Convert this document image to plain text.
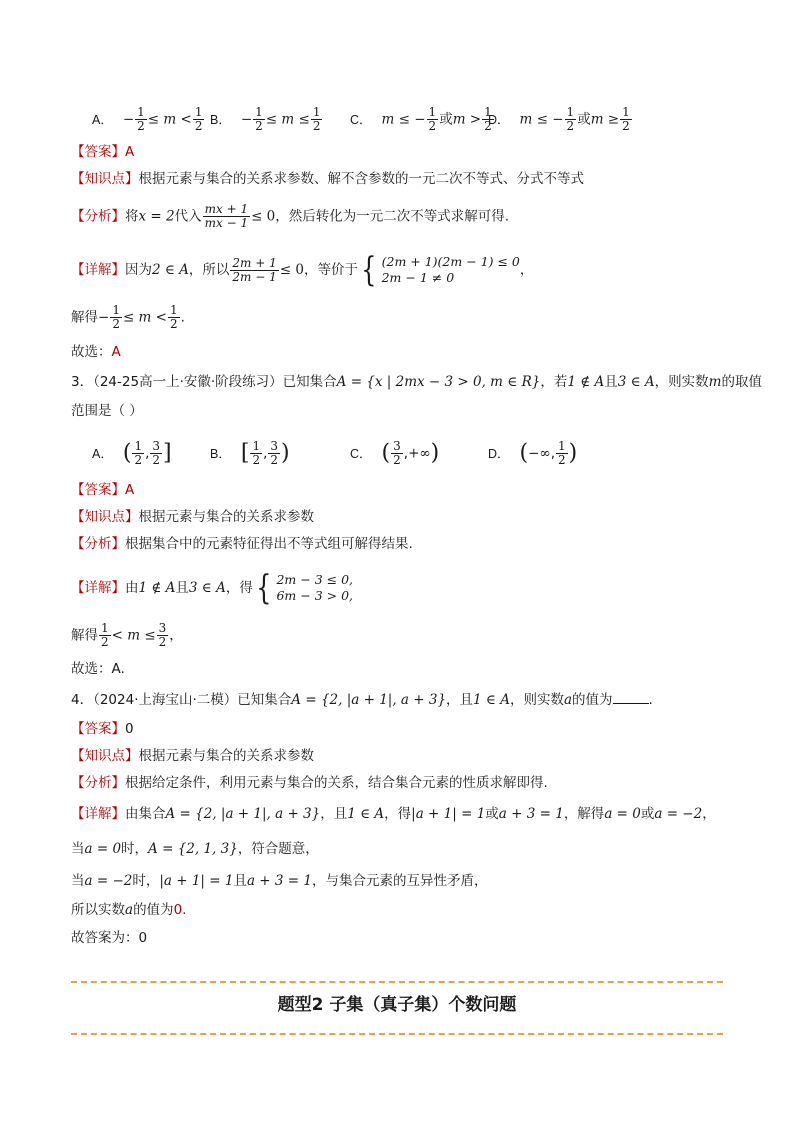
A． − $\frac{1}{2} \le m < \frac{1}{2}$ B． − $\frac{1}{2} \le m \le \frac{1}{2}$ C． m ≤ − $\frac{1}{2}$ 或$m > \frac{1}{2}$
D． m ≤ − $\frac{1}{2}$ 或$m \ge \frac{1}{2}$
【答案】A
【知识点】根据元素与集合的关系求参数、解不含参数的一元二次不等式、分式不等式
【分析】将x = 2代入 $\frac{mx + 1}{mx - 1} \le 0$，然后转化为一元二次不等式求解可得.
【详解】因为2 ∈ A，所以 $\frac{2m + 1}{2m - 1} \le 0$，等价于 { (2m + 1)(2m − 1) ≤ 0
2m − 1 ≠ 0	，
解得− $\frac{1}{2} \le m < \frac{1}{2}$ .
故选：A
3．（24-25高一上·安徽·阶段练习）已知集合A = {x | 2mx − 3 > 0, m ∈ R}，若1 ∉ A且3 ∈ A，则实数m的取值
范围是（ ）
A． ( $\frac{1}{2}$ , $\frac{3}{2}$ ]	B． [ $\frac{1}{2}$ , $\frac{3}{2}$ )	C． ( $\frac{3}{2}$ ,+∞)	D． (−∞, $\frac{1}{2}$ )
【答案】A
【知识点】根据元素与集合的关系求参数
【分析】根据集合中的元素特征得出不等式组可解得结果.
【详解】由1 ∉ A且3 ∈ A，得 { 2m − 3 ≤ 0,
6m − 3 > 0,
解得 $\frac{1}{2} < m \le \frac{3}{2}$ ，
故选：A.
4．（2024·上海宝山·二模）已知集合A = {2, |a + 1|, a + 3}，且1 ∈ A，则实数a的值为	.
【答案】0
【知识点】根据元素与集合的关系求参数
【分析】根据给定条件，利用元素与集合的关系，结合集合元素的性质求解即得.
【详解】由集合A = {2, |a + 1|, a + 3}，且1 ∈ A，得|a + 1| = 1或a + 3 = 1，解得a = 0或a = −2，
当a = 0时，A = {2, 1, 3}，符合题意，
当a = −2时，|a + 1| = 1且a + 3 = 1，与集合元素的互异性矛盾，
所以实数a的值为0.
故答案为：0
题型2 子集（真子集）个数问题
